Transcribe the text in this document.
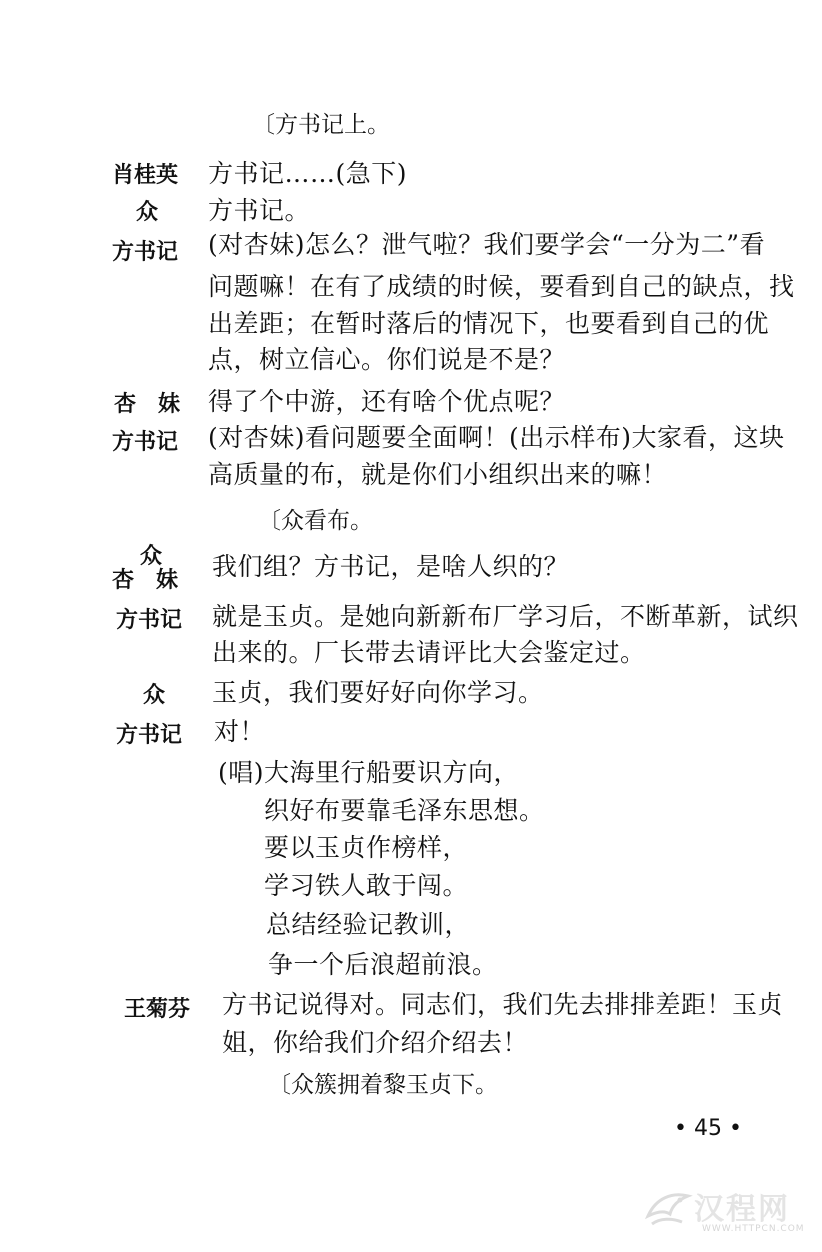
〔方书记上。
肖桂英 方书记……(急下)
众 方书记。
方书记 (对杏妹)怎么？泄气啦？我们要学会“一分为二”看
问题嘛！在有了成绩的时候，要看到自己的缺点，找
出差距；在暂时落后的情况下，也要看到自己的优
点，树立信心。你们说是不是？
杏　妹 得了个中游，还有啥个优点呢？
方书记 (对杏妹)看问题要全面啊！(出示样布)大家看，这块
高质量的布，就是你们小组织出来的嘛！
〔众看布。
众
杏　妹 我们组？方书记，是啥人织的？
方书记 就是玉贞。是她向新新布厂学习后，不断革新，试织
出来的。厂长带去请评比大会鉴定过。
众 玉贞，我们要好好向你学习。
方书记 对！
(唱)大海里行船要识方向，
织好布要靠毛泽东思想。
要以玉贞作榜样，
学习铁人敢于闯。
总结经验记教训，
争一个后浪超前浪。
王菊芬 方书记说得对。同志们，我们先去排排差距！玉贞
姐，你给我们介绍介绍去！
〔众簇拥着黎玉贞下。
• 45 •
汉程网
WWW.HTTPCN.COM
